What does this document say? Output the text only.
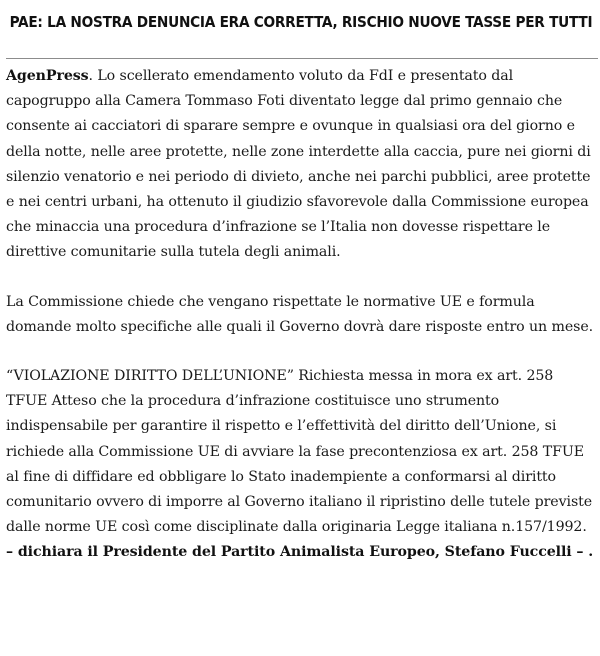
PAE: LA NOSTRA DENUNCIA ERA CORRETTA, RISCHIO NUOVE TASSE PER TUTTI

AgenPress. Lo scellerato emendamento voluto da FdI e presentato dal capogruppo alla Camera Tommaso Foti diventato legge dal primo gennaio che consente ai cacciatori di sparare sempre e ovunque in qualsiasi ora del giorno e della notte, nelle aree protette, nelle zone interdette alla caccia, pure nei giorni di silenzio venatorio e nei periodo di divieto, anche nei parchi pubblici, aree protette e nei centri urbani, ha ottenuto il giudizio sfavorevole dalla Commissione europea che minaccia una procedura d’infrazione se l’Italia non dovesse rispettare le direttive comunitarie sulla tutela degli animali.

La Commissione chiede che vengano rispettate le normative UE e formula domande molto specifiche alle quali il Governo dovrà dare risposte entro un mese.

“VIOLAZIONE DIRITTO DELL’UNIONE” Richiesta messa in mora ex art. 258 TFUE Atteso che la procedura d’infrazione costituisce uno strumento indispensabile per garantire il rispetto e l’effettività del diritto dell’Unione, si richiede alla Commissione UE di avviare la fase precontenziosa ex art. 258 TFUE al fine di diffidare ed obbligare lo Stato inadempiente a conformarsi al diritto comunitario ovvero di imporre al Governo italiano il ripristino delle tutele previste dalle norme UE così come disciplinate dalla originaria Legge italiana n.157/1992. – dichiara il Presidente del Partito Animalista Europeo, Stefano Fuccelli – .
